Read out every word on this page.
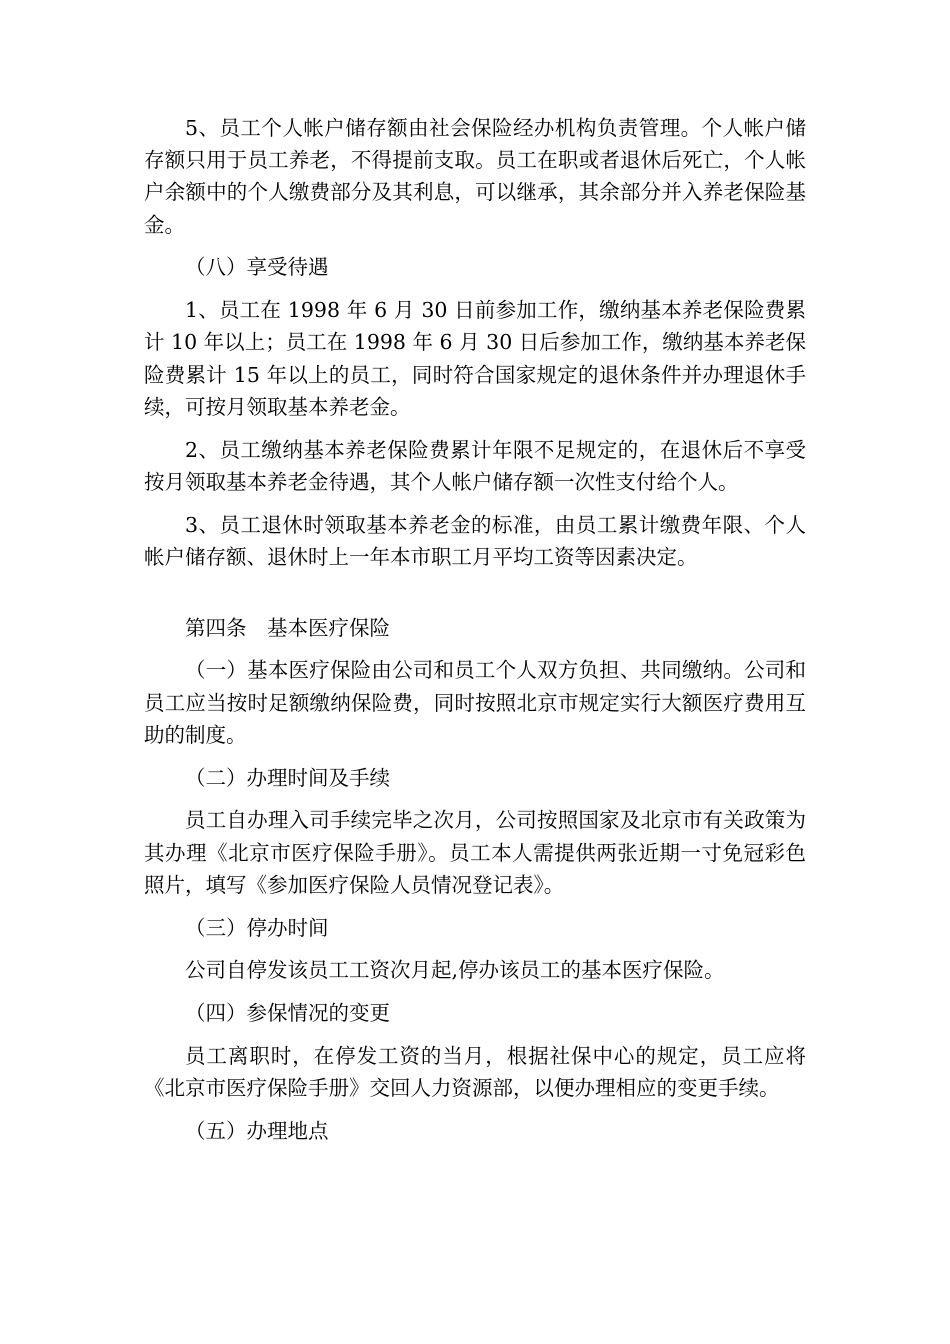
5、员工个人帐户储存额由社会保险经办机构负责管理。个人帐户储存额只用于员工养老，不得提前支取。员工在职或者退休后死亡，个人帐户余额中的个人缴费部分及其利息，可以继承，其余部分并入养老保险基金。

（八）享受待遇

1、员工在 1998 年 6 月 30 日前参加工作，缴纳基本养老保险费累计 10 年以上；员工在 1998 年 6 月 30 日后参加工作，缴纳基本养老保险费累计 15 年以上的员工，同时符合国家规定的退休条件并办理退休手续，可按月领取基本养老金。

2、员工缴纳基本养老保险费累计年限不足规定的，在退休后不享受按月领取基本养老金待遇，其个人帐户储存额一次性支付给个人。

3、员工退休时领取基本养老金的标准，由员工累计缴费年限、个人帐户储存额、退休时上一年本市职工月平均工资等因素决定。

第四条　基本医疗保险

（一）基本医疗保险由公司和员工个人双方负担、共同缴纳。公司和员工应当按时足额缴纳保险费，同时按照北京市规定实行大额医疗费用互助的制度。

（二）办理时间及手续

员工自办理入司手续完毕之次月，公司按照国家及北京市有关政策为其办理《北京市医疗保险手册》。员工本人需提供两张近期一寸免冠彩色照片，填写《参加医疗保险人员情况登记表》。

（三）停办时间

公司自停发该员工工资次月起,停办该员工的基本医疗保险。

（四）参保情况的变更

员工离职时，在停发工资的当月，根据社保中心的规定，员工应将《北京市医疗保险手册》交回人力资源部，以便办理相应的变更手续。

（五）办理地点
